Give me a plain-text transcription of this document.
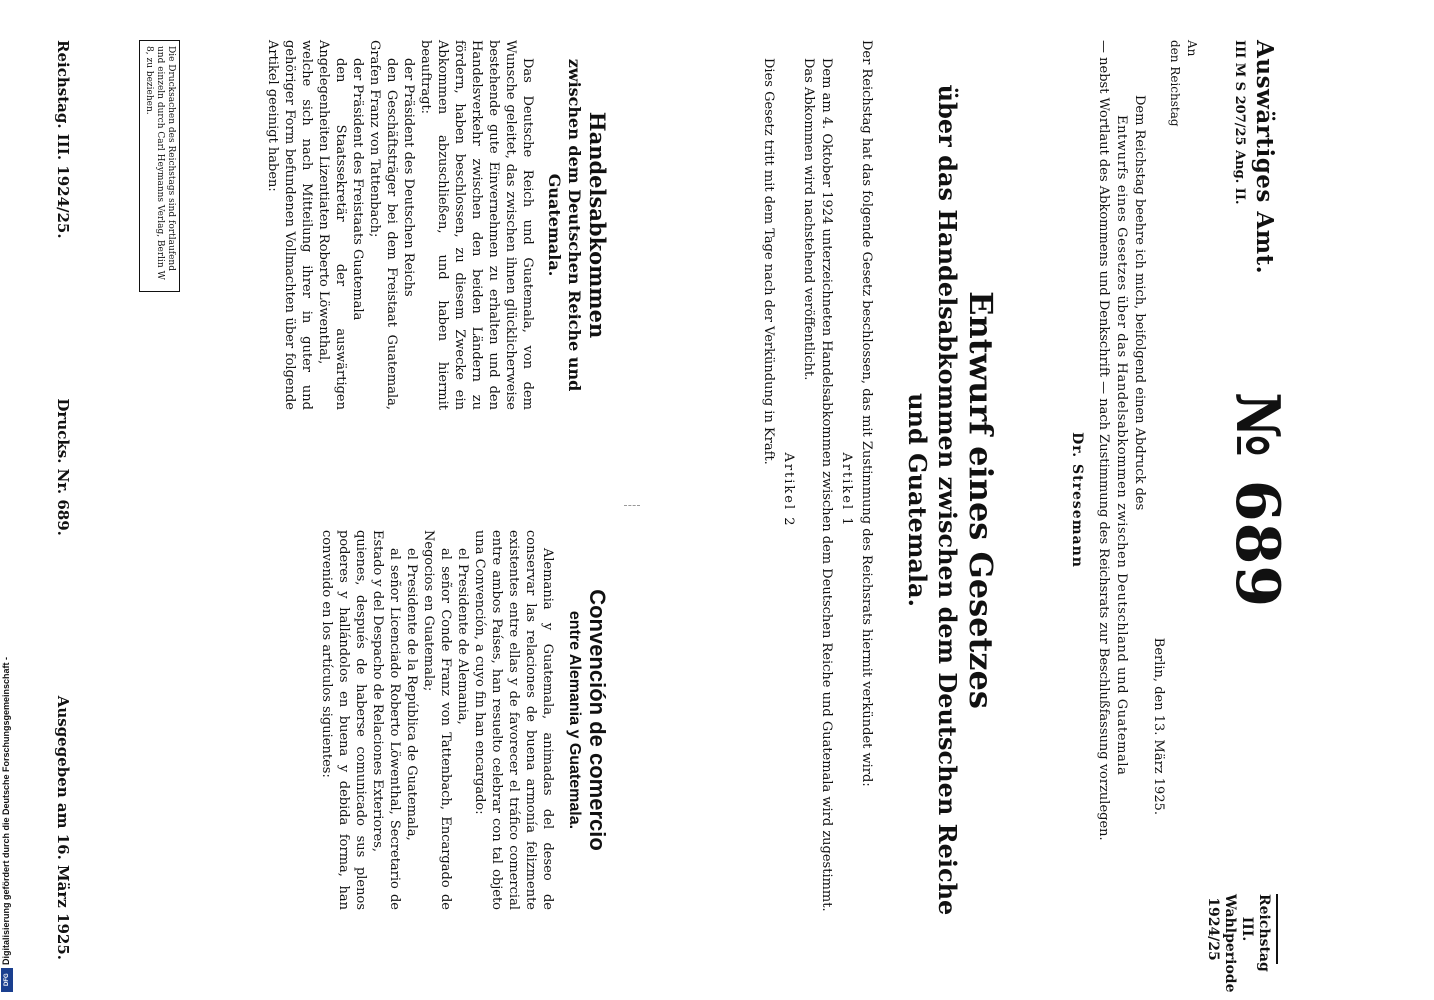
Auswärtiges Amt.
III M S 207/25 Ang. II.
№ 689
Reichstag
III. Wahlperiode
1924/25
An
den Reichstag
Berlin, den 13. März 1925.

Dem Reichstag beehre ich mich, beifolgend einen Abdruck des

Entwurfs eines Gesetzes über das Handelsabkommen zwischen Deutschland und Guatemala

— nebst Wortlaut des Abkommens und Denkschrift — nach Zustimmung des Reichsrats zur Beschlußfassung vorzulegen.

Dr. Stresemann
Entwurf eines Gesetzes
über das Handelsabkommen zwischen dem Deutschen Reiche
und Guatemala.

Der Reichstag hat das folgende Gesetz beschlossen, das mit Zustimmung des Reichsrats hiermit verkündet wird:

Artikel 1

Dem am 4. Oktober 1924 unterzeichneten Handelsabkommen zwischen dem Deutschen Reiche und Guatemala wird zugestimmt.

Das Abkommen wird nachstehend veröffentlicht.

Artikel 2

Dies Gesetz tritt mit dem Tage nach der Verkündung in Kraft.

Handelsabkommen
zwischen dem Deutschen Reiche und Guatemala.

Das Deutsche Reich und Guatemala, von dem Wunsche geleitet, das zwischen ihnen glücklicherweise bestehende gute Einvernehmen zu erhalten und den Handelsverkehr zwischen den beiden Ländern zu fördern, haben beschlossen, zu diesem Zwecke ein Abkommen abzuschließen, und haben hiermit beauftragt:

der Präsident des Deutschen Reichs

den Geschäftsträger bei dem Freistaat Guatemala, Grafen Franz von Tattenbach;

der Präsident des Freistaats Guatemala

den Staatssekretär der auswärtigen Angelegenheiten Lizentiaten Roberto Löwenthal,

welche sich nach Mitteilung ihrer in guter und gehöriger Form befundenen Vollmachten über folgende Artikel geeinigt haben:

Convención de comercio
entre Alemania y Guatemala.

Alemania y Guatemala, animadas del deseo de conservar las relaciones de buena armonía felizmente existentes entre ellas y de favorecer el tráfico comercial entre ambos Países, han resuelto celebrar con tal objeto una Convención, a cuyo fin han encargado:

el Presidente de Alemania,

al señor Conde Franz von Tattenbach, Encargado de Negocios en Guatemala;

el Presidente de la República de Guatemala,

al señor Licenciado Roberto Löwenthal, Secretario de Estado y del Despacho de Relaciones Exteriores,

quienes, después de haberse comunicado sus plenos poderes y hallándolos en buena y debida forma, han convenido en los artículos siguientes:

Die Drucksachen des Reichstags sind fortlaufend und einzeln durch Carl Heymanns Verlag, Berlin W 8, zu beziehen.
Reichstag. III. 1924/25.
Drucks. Nr. 689.
Ausgegeben am 16. März 1925.
Digitalisierung gefördert durch die Deutsche Forschungsgemeinschaft -
DFG
